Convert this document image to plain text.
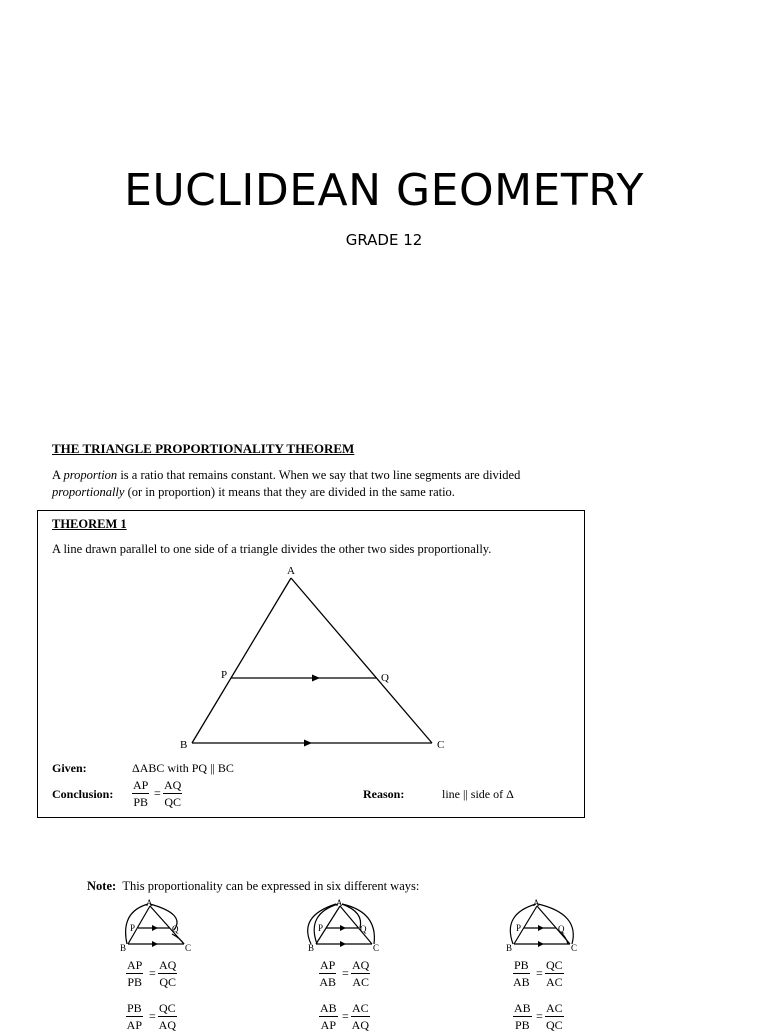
EUCLIDEAN GEOMETRY
GRADE 12
THE TRIANGLE PROPORTIONALITY THEOREM
A proportion is a ratio that remains constant. When we say that two line segments are divided proportionally (or in proportion) it means that they are divided in the same ratio.
THEOREM 1
A line drawn parallel to one side of a triangle divides the other two sides proportionally.
A
P	Q
B	C
A
P	Q
B	C
A
P	Q
B	C
A
P	Q
B	C
Given:	ΔABC with PQ || BC
Conclusion: $\frac{AP}{PB} = \frac{AQ}{QC}$	Reason:	line || side of Δ
Note: This proportionality can be expressed in six different ways:
$\frac{AP}{PB} = \frac{AQ}{QC}$	$\frac{AP}{AB} = \frac{AQ}{AC}$	$\frac{PB}{AB} = \frac{QC}{AC}$
$\frac{PB}{AP} = \frac{QC}{AQ}$	$\frac{AB}{AP} = \frac{AC}{AQ}$	$\frac{AB}{PB} = \frac{AC}{QC}$
